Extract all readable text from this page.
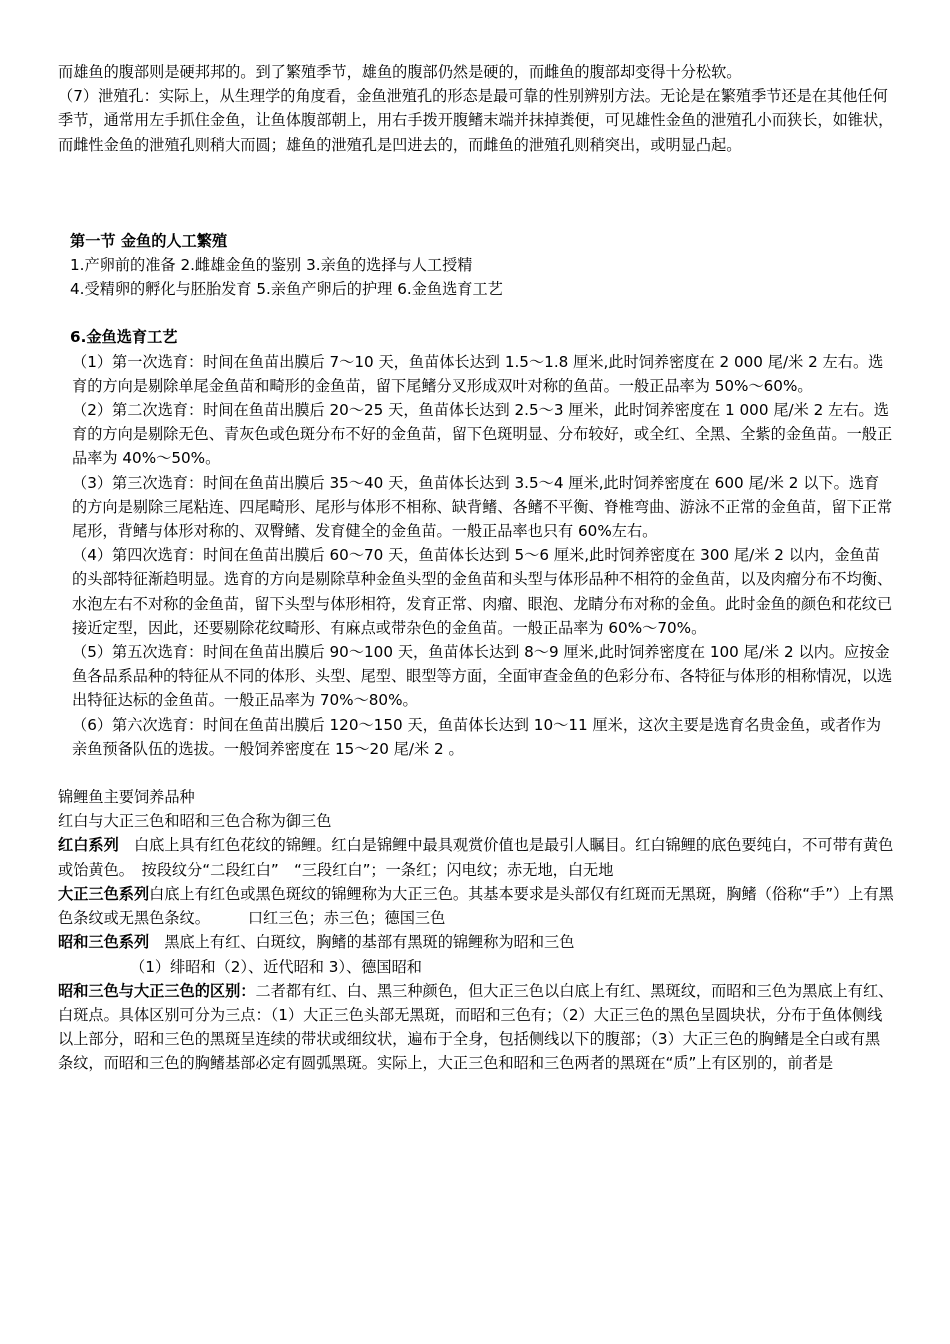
而雄鱼的腹部则是硬邦邦的。到了繁殖季节，雄鱼的腹部仍然是硬的，而雌鱼的腹部却变得十分松软。

（7）泄殖孔：实际上，从生理学的角度看，金鱼泄殖孔的形态是最可靠的性别辨别方法。无论是在繁殖季节还是在其他任何季节，通常用左手抓住金鱼，让鱼体腹部朝上，用右手拨开腹鳍末端并抹掉粪便，可见雄性金鱼的泄殖孔小而狭长，如锥状，而雌性金鱼的泄殖孔则稍大而圆；雄鱼的泄殖孔是凹进去的，而雌鱼的泄殖孔则稍突出，或明显凸起。

第一节 金鱼的人工繁殖
1.产卵前的准备 2.雌雄金鱼的鉴别 3.亲鱼的选择与人工授精
4.受精卵的孵化与胚胎发育 5.亲鱼产卵后的护理 6.金鱼选育工艺
6.金鱼选育工艺

（1）第一次选育：时间在鱼苗出膜后 7～10 天，鱼苗体长达到 1.5～1.8 厘米,此时饲养密度在 2 000 尾/米 2 左右。选育的方向是剔除单尾金鱼苗和畸形的金鱼苗，留下尾鳍分叉形成双叶对称的鱼苗。一般正品率为 50%～60%。

（2）第二次选育：时间在鱼苗出膜后 20～25 天，鱼苗体长达到 2.5～3 厘米，此时饲养密度在 1 000 尾/米 2 左右。选育的方向是剔除无色、青灰色或色斑分布不好的金鱼苗，留下色斑明显、分布较好，或全红、全黑、全紫的金鱼苗。一般正品率为 40%～50%。

（3）第三次选育：时间在鱼苗出膜后 35～40 天，鱼苗体长达到 3.5～4 厘米,此时饲养密度在 600 尾/米 2 以下。选育的方向是剔除三尾粘连、四尾畸形、尾形与体形不相称、缺背鳍、各鳍不平衡、脊椎弯曲、游泳不正常的金鱼苗，留下正常尾形，背鳍与体形对称的、双臀鳍、发育健全的金鱼苗。一般正品率也只有 60%左右。

（4）第四次选育：时间在鱼苗出膜后 60～70 天，鱼苗体长达到 5～6 厘米,此时饲养密度在 300 尾/米 2 以内，金鱼苗的头部特征渐趋明显。选育的方向是剔除草种金鱼头型的金鱼苗和头型与体形品种不相符的金鱼苗，以及肉瘤分布不均衡、水泡左右不对称的金鱼苗，留下头型与体形相符，发育正常、肉瘤、眼泡、龙睛分布对称的金鱼。此时金鱼的颜色和花纹已接近定型，因此，还要剔除花纹畸形、有麻点或带杂色的金鱼苗。一般正品率为 60%～70%。

（5）第五次选育：时间在鱼苗出膜后 90～100 天，鱼苗体长达到 8～9 厘米,此时饲养密度在 100 尾/米 2 以内。应按金鱼各品系品种的特征从不同的体形、头型、尾型、眼型等方面，全面审查金鱼的色彩分布、各特征与体形的相称情况，以选出特征达标的金鱼苗。一般正品率为 70%～80%。

（6）第六次选育：时间在鱼苗出膜后 120～150 天，鱼苗体长达到 10～11 厘米，这次主要是选育名贵金鱼，或者作为亲鱼预备队伍的选拔。一般饲养密度在 15～20 尾/米 2 。

锦鲤鱼主要饲养品种
红白与大正三色和昭和三色合称为御三色

红白系列　白底上具有红色花纹的锦鲤。红白是锦鲤中最具观赏价值也是最引人瞩目。红白锦鲤的底色要纯白，不可带有黄色或饴黄色。　按段纹分“二段红白”　“三段红白”；一条红；闪电纹；赤无地，白无地

大正三色系列白底上有红色或黑色斑纹的锦鲤称为大正三色。其基本要求是头部仅有红斑而无黑斑，胸鳍（俗称“手”）上有黑色条纹或无黑色条纹。　　　口红三色；赤三色；德国三色

昭和三色系列　黑底上有红、白斑纹，胸鳍的基部有黑斑的锦鲤称为昭和三色

（1）绯昭和（2）、近代昭和 3）、德国昭和

昭和三色与大正三色的区别：二者都有红、白、黑三种颜色，但大正三色以白底上有红、黑斑纹，而昭和三色为黑底上有红、白斑点。具体区别可分为三点：（1）大正三色头部无黑斑，而昭和三色有；（2）大正三色的黑色呈圆块状，分布于鱼体侧线以上部分，昭和三色的黑斑呈连续的带状或细纹状，遍布于全身，包括侧线以下的腹部；（3）大正三色的胸鳍是全白或有黑条纹，而昭和三色的胸鳍基部必定有圆弧黑斑。实际上，大正三色和昭和三色两者的黑斑在“质”上有区别的，前者是
